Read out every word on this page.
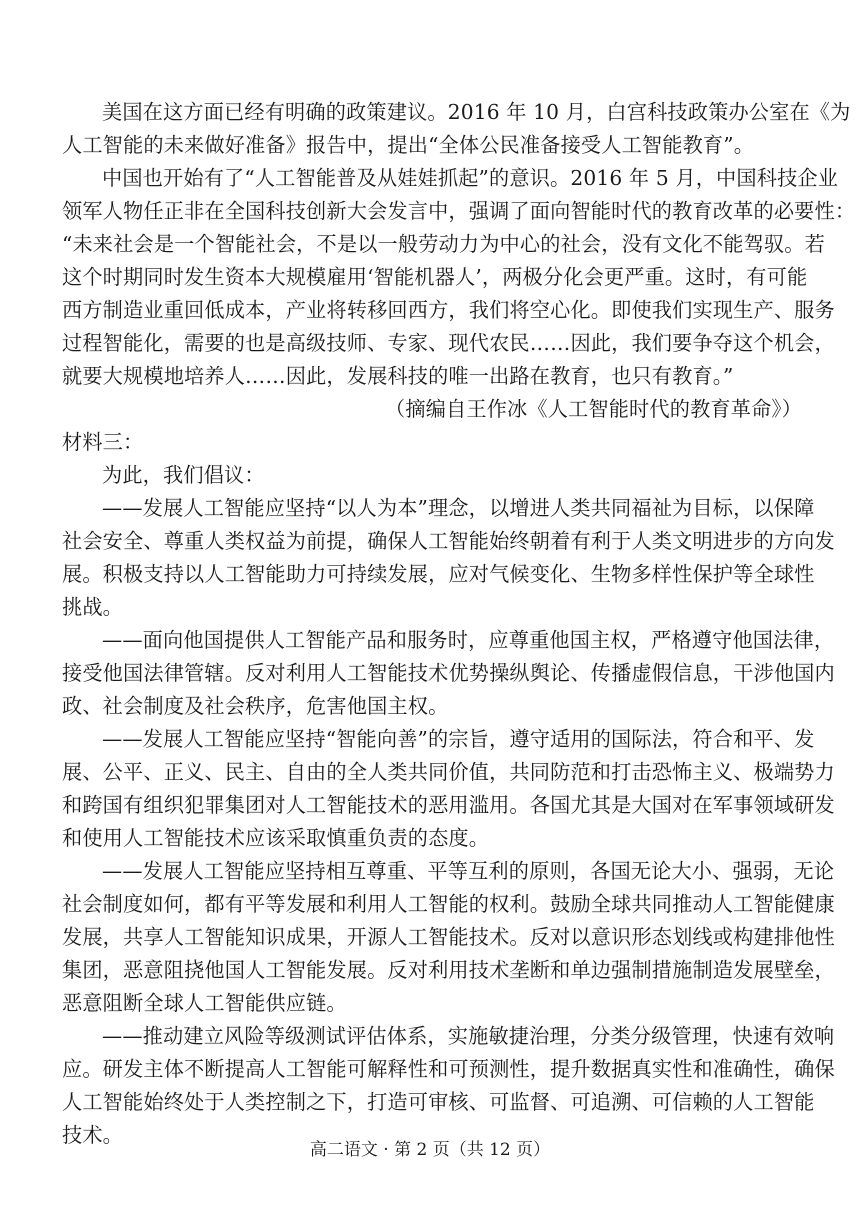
美国在这方面已经有明确的政策建议。2016 年 10 月，白宫科技政策办公室在《为
人工智能的未来做好准备》报告中，提出“全体公民准备接受人工智能教育”。
中国也开始有了“人工智能普及从娃娃抓起”的意识。2016 年 5 月，中国科技企业
领军人物任正非在全国科技创新大会发言中，强调了面向智能时代的教育改革的必要性：
“未来社会是一个智能社会，不是以一般劳动力为中心的社会，没有文化不能驾驭。若
这个时期同时发生资本大规模雇用‘智能机器人’，两极分化会更严重。这时，有可能
西方制造业重回低成本，产业将转移回西方，我们将空心化。即使我们实现生产、服务
过程智能化，需要的也是高级技师、专家、现代农民……因此，我们要争夺这个机会，
就要大规模地培养人……因此，发展科技的唯一出路在教育，也只有教育。”
（摘编自王作冰《人工智能时代的教育革命》）
材料三：
为此，我们倡议：
——发展人工智能应坚持“以人为本”理念，以增进人类共同福祉为目标，以保障
社会安全、尊重人类权益为前提，确保人工智能始终朝着有利于人类文明进步的方向发
展。积极支持以人工智能助力可持续发展，应对气候变化、生物多样性保护等全球性
挑战。
——面向他国提供人工智能产品和服务时，应尊重他国主权，严格遵守他国法律，
接受他国法律管辖。反对利用人工智能技术优势操纵舆论、传播虚假信息，干涉他国内
政、社会制度及社会秩序，危害他国主权。
——发展人工智能应坚持“智能向善”的宗旨，遵守适用的国际法，符合和平、发
展、公平、正义、民主、自由的全人类共同价值，共同防范和打击恐怖主义、极端势力
和跨国有组织犯罪集团对人工智能技术的恶用滥用。各国尤其是大国对在军事领域研发
和使用人工智能技术应该采取慎重负责的态度。
——发展人工智能应坚持相互尊重、平等互利的原则，各国无论大小、强弱，无论
社会制度如何，都有平等发展和利用人工智能的权利。鼓励全球共同推动人工智能健康
发展，共享人工智能知识成果，开源人工智能技术。反对以意识形态划线或构建排他性
集团，恶意阻挠他国人工智能发展。反对利用技术垄断和单边强制措施制造发展壁垒，
恶意阻断全球人工智能供应链。
——推动建立风险等级测试评估体系，实施敏捷治理，分类分级管理，快速有效响
应。研发主体不断提高人工智能可解释性和可预测性，提升数据真实性和准确性，确保
人工智能始终处于人类控制之下，打造可审核、可监督、可追溯、可信赖的人工智能
技术。
高二语文 · 第 2 页（共 12 页）
